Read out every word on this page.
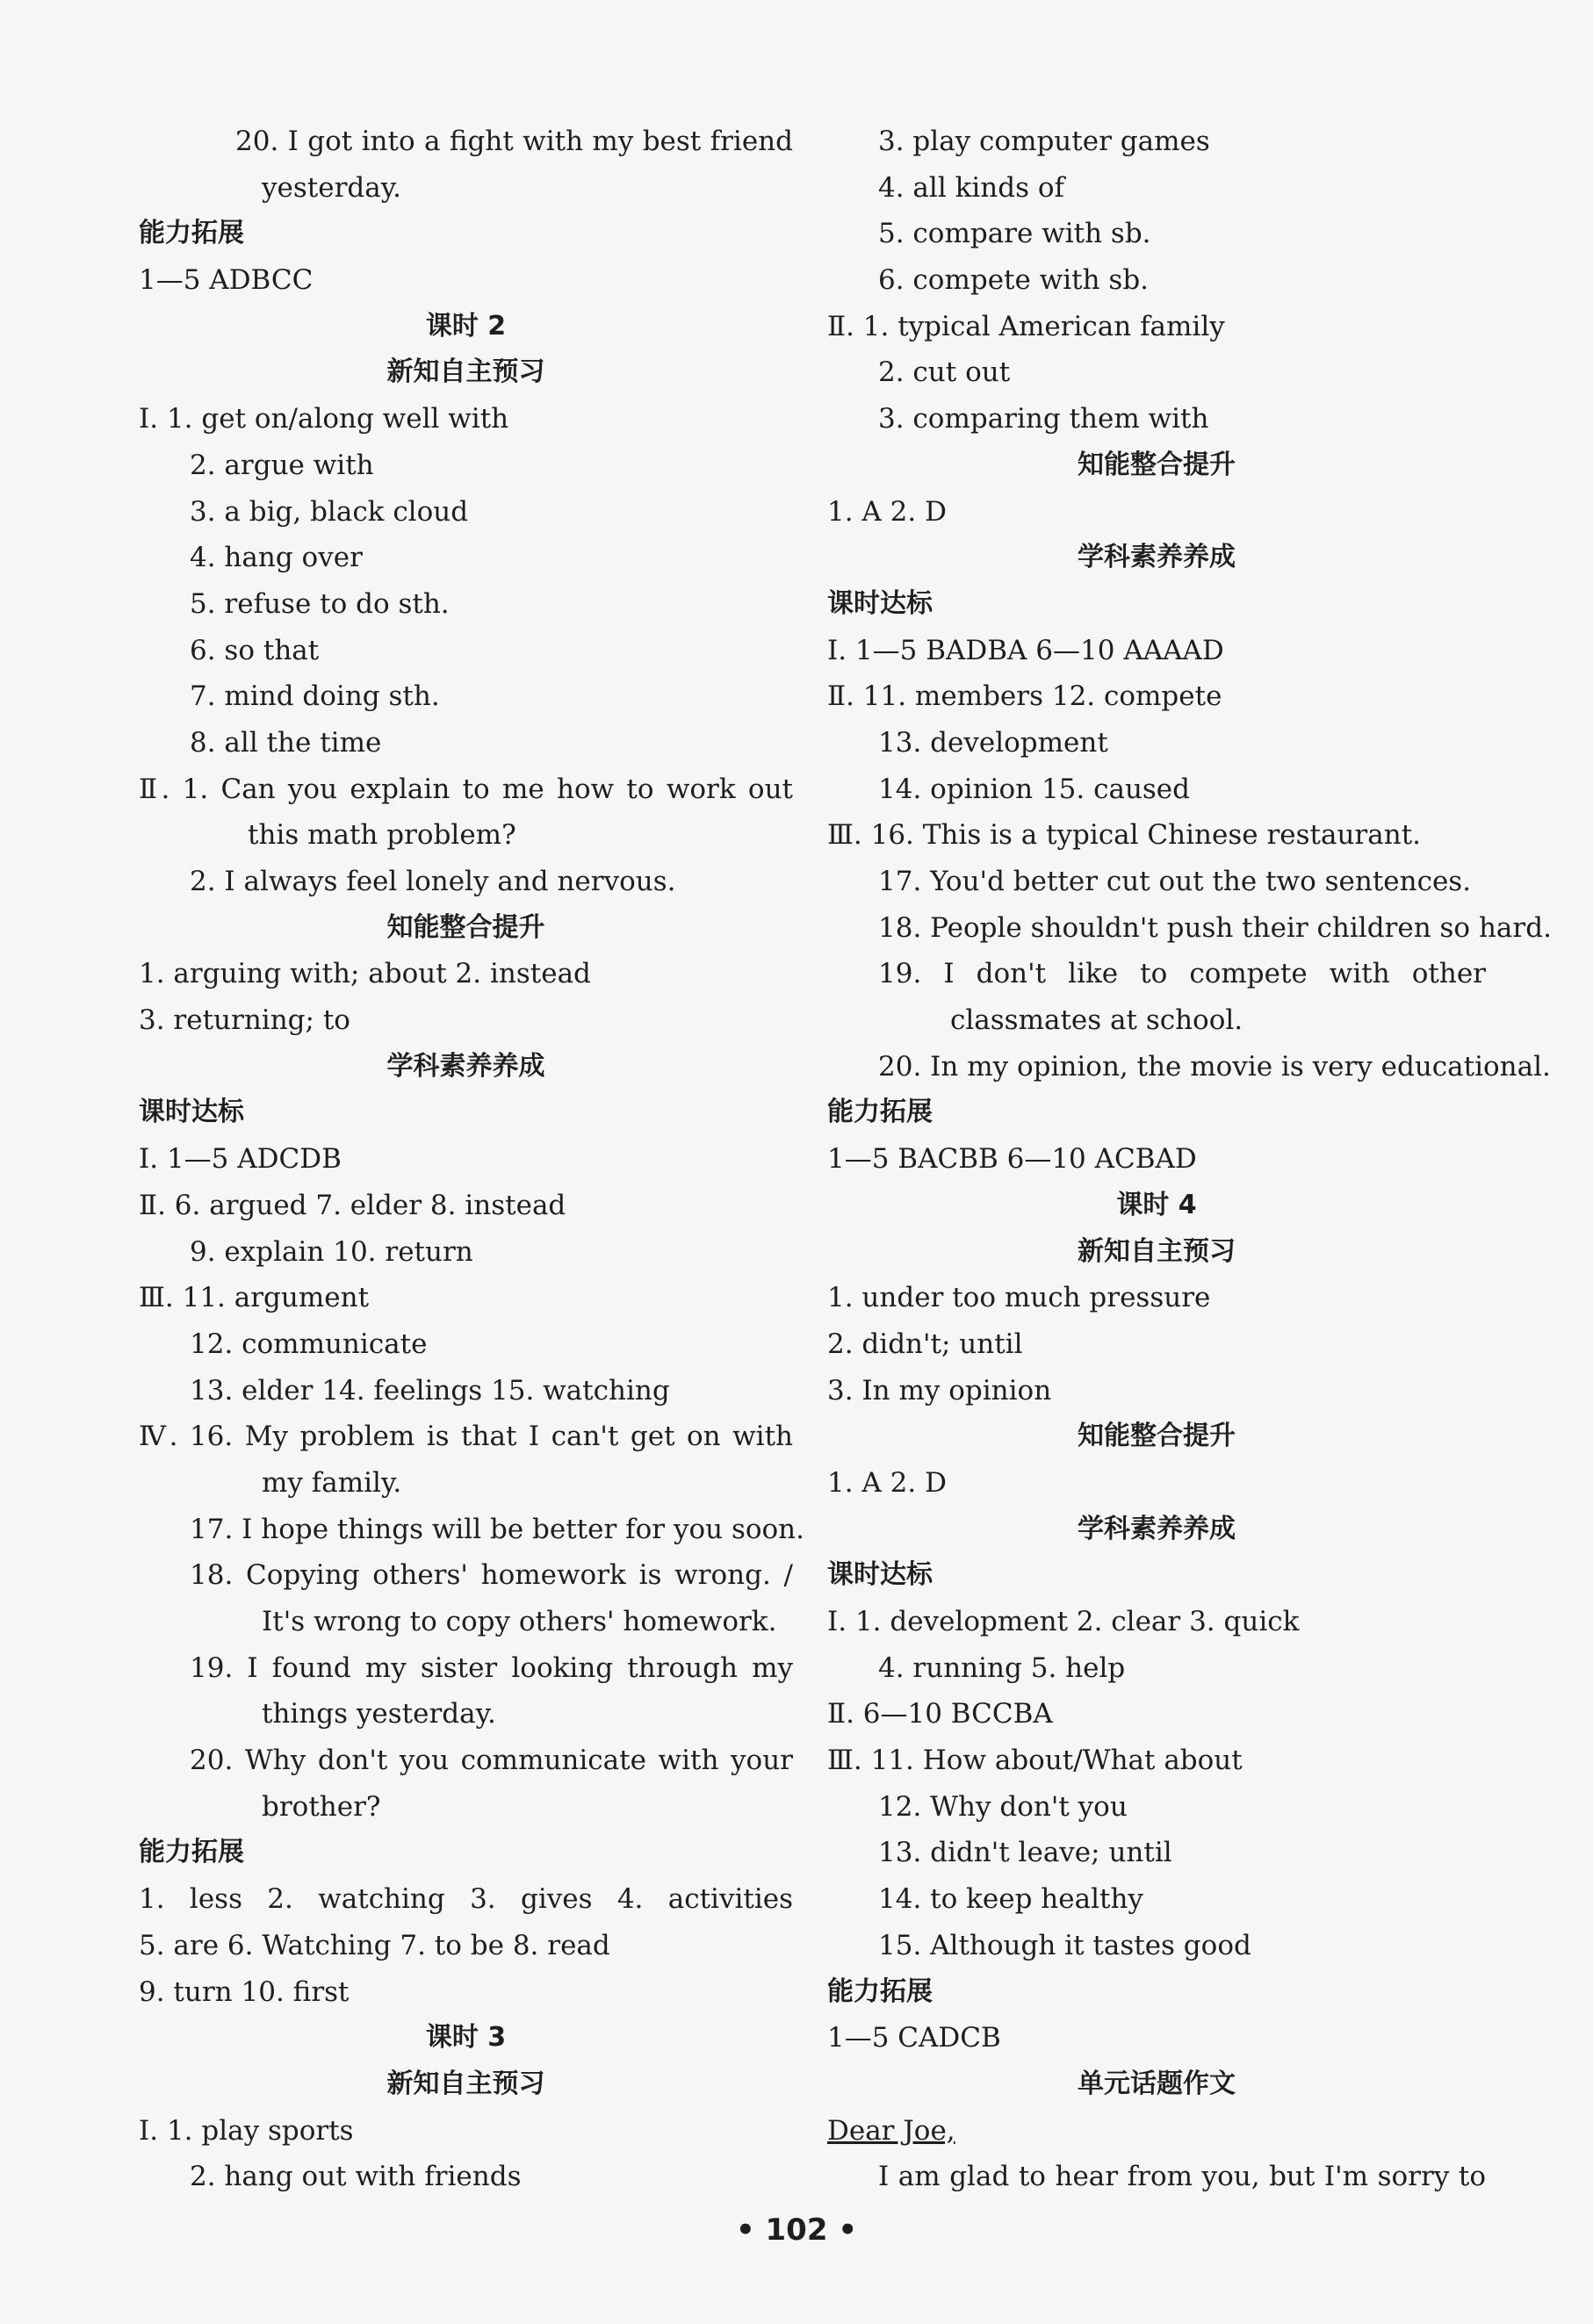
20. I got into a fight with my best friend
yesterday.
能力拓展
1—5 ADBCC
课时 2
新知自主预习
Ⅰ. 1. get on/along well with
2. argue with
3. a big, black cloud
4. hang over
5. refuse to do sth.
6. so that
7. mind doing sth.
8. all the time
Ⅱ. 1. Can you explain to me how to work out
this math problem?
2. I always feel lonely and nervous.
知能整合提升
1. arguing with; about 2. instead
3. returning; to
学科素养养成
课时达标
Ⅰ. 1—5 ADCDB
Ⅱ. 6. argued 7. elder 8. instead
9. explain 10. return
Ⅲ. 11. argument
12. communicate
13. elder 14. feelings 15. watching
Ⅳ. 16. My problem is that I can't get on with
my family.
17. I hope things will be better for you soon.
18. Copying others' homework is wrong. /
It's wrong to copy others' homework.
19. I found my sister looking through my
things yesterday.
20. Why don't you communicate with your
brother?
能力拓展
1. less 2. watching 3. gives 4. activities
5. are 6. Watching 7. to be 8. read
9. turn 10. first
课时 3
新知自主预习
Ⅰ. 1. play sports
2. hang out with friends
3. play computer games
4. all kinds of
5. compare with sb.
6. compete with sb.
Ⅱ. 1. typical American family
2. cut out
3. comparing them with
知能整合提升
1. A 2. D
学科素养养成
课时达标
Ⅰ. 1—5 BADBA 6—10 AAAAD
Ⅱ. 11. members 12. compete
13. development
14. opinion 15. caused
Ⅲ. 16. This is a typical Chinese restaurant.
17. You'd better cut out the two sentences.
18. People shouldn't push their children so hard.
19. I don't like to compete with other
classmates at school.
20. In my opinion, the movie is very educational.
能力拓展
1—5 BACBB 6—10 ACBAD
课时 4
新知自主预习
1. under too much pressure
2. didn't; until
3. In my opinion
知能整合提升
1. A 2. D
学科素养养成
课时达标
Ⅰ. 1. development 2. clear 3. quick
4. running 5. help
Ⅱ. 6—10 BCCBA
Ⅲ. 11. How about/What about
12. Why don't you
13. didn't leave; until
14. to keep healthy
15. Although it tastes good
能力拓展
1—5 CADCB
单元话题作文
Dear Joe,
I am glad to hear from you, but I'm sorry to
• 102 •
